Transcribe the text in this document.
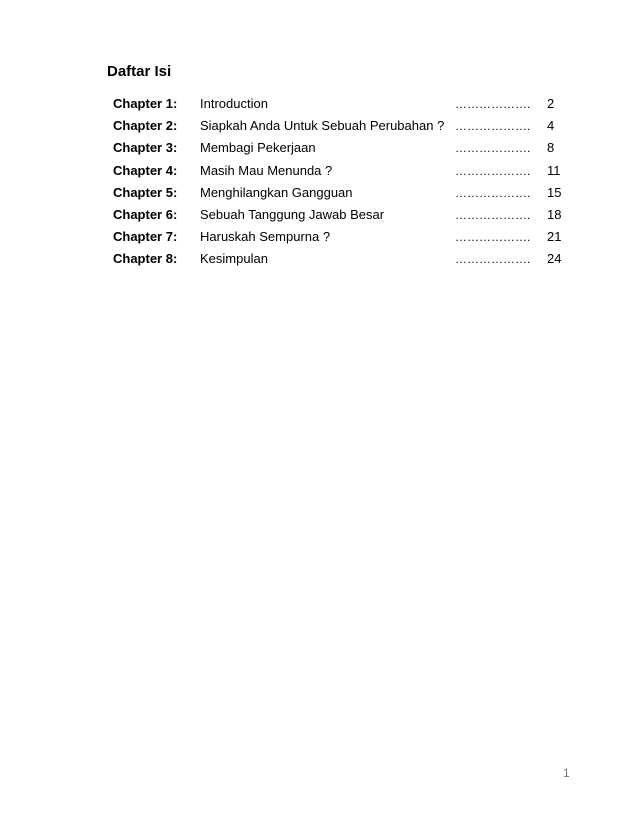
Daftar Isi
Chapter 1: Introduction	………………. 2
Chapter 2: Siapkah Anda Untuk Sebuah Perubahan ? ………………. 4
Chapter 3: Membagi Pekerjaan	………………. 8
Chapter 4: Masih Mau Menunda ?	………………. 11
Chapter 5: Menghilangkan Gangguan	………………. 15
Chapter 6: Sebuah Tanggung Jawab Besar	………………. 18
Chapter 7: Haruskah Sempurna ?	………………. 21
Chapter 8: Kesimpulan	………………. 24
1
